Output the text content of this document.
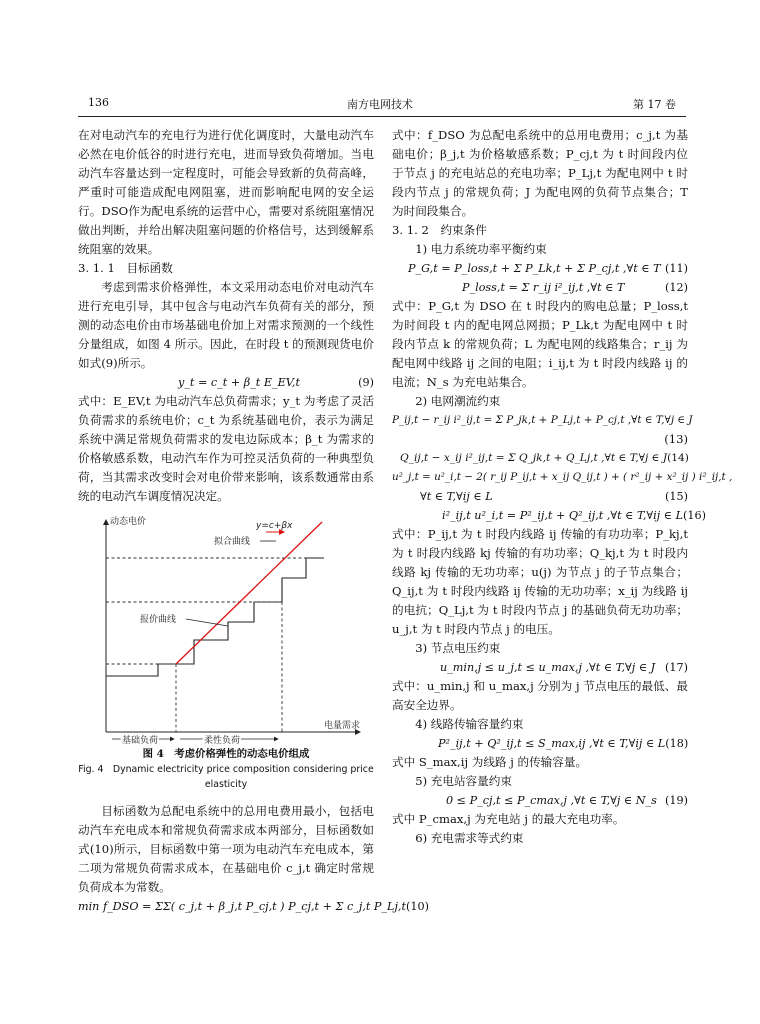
136	南方电网技术	第 17 卷

在对电动汽车的充电行为进行优化调度时，大量电动汽车必然在电价低谷的时进行充电，进而导致负荷增加。当电动汽车容量达到一定程度时，可能会导致新的负荷高峰，严重时可能造成配电网阻塞，进而影响配电网的安全运行。DSO作为配电系统的运营中心，需要对系统阻塞情况做出判断，并给出解决阻塞问题的价格信号，达到缓解系统阻塞的效果。

3. 1. 1　目标函数

考虑到需求价格弹性，本文采用动态电价对电动汽车进行充电引导，其中包含与电动汽车负荷有关的部分，预测的动态电价由市场基础电价加上对需求预测的一个线性分量组成，如图 4 所示。因此，在时段 t 的预测现货电价如式(9)所示。

y_t = c_t + β_t E_EV,t	(9)

式中：E_EV,t 为电动汽车总负荷需求；y_t 为考虑了灵活负荷需求的系统电价；c_t 为系统基础电价，表示为满足系统中满足常规负荷需求的发电边际成本；β_t 为需求的价格敏感系数，电动汽车作为可控灵活负荷的一种典型负荷，当其需求改变时会对电价带来影响，该系数通常由系统的电动汽车调度情况决定。

动态电价
电量需求
y=c+βx
拟合曲线
报价曲线
基础负荷	柔性负荷
图 4　考虑价格弹性的动态电价组成
Fig. 4　Dynamic electricity price composition considering price elasticity

目标函数为总配电系统中的总用电费用最小，包括电动汽车充电成本和常规负荷需求成本两部分，目标函数如式(10)所示，目标函数中第一项为电动汽车充电成本，第二项为常规负荷需求成本，在基础电价 c_j,t 确定时常规负荷成本为常数。

min f_DSO = ΣΣ( c_j,t + β_j,t P_cj,t ) P_cj,t + Σ c_j,t P_Lj,t (10)

式中：f_DSO 为总配电系统中的总用电费用；c_j,t 为基础电价；β_j,t 为价格敏感系数；P_cj,t 为 t 时间段内位于节点 j 的充电站总的充电功率；P_Lj,t 为配电网中 t 时段内节点 j 的常规负荷；J 为配电网的负荷节点集合；T 为时间段集合。

3. 1. 2　约束条件

1) 电力系统功率平衡约束

P_G,t = P_loss,t + Σ P_Lk,t + Σ P_cj,t ,∀t ∈ T (11)
P_loss,t = Σ r_ij i²_ij,t ,∀t ∈ T	(12)

式中：P_G,t 为 DSO 在 t 时段内的购电总量；P_loss,t 为时间段 t 内的配电网总网损；P_Lk,t 为配电网中 t 时段内节点 k 的常规负荷；L 为配电网的线路集合；r_ij 为配电网中线路 ij 之间的电阻；i_ij,t 为 t 时段内线路 ij 的电流；N_s 为充电站集合。

2) 电网潮流约束

P_ij,t − r_ij i²_ij,t = Σ P_jk,t + P_Lj,t + P_cj,t ,∀t ∈ T,∀j ∈ J
(13)
Q_ij,t − x_ij i²_ij,t = Σ Q_jk,t + Q_Lj,t ,∀t ∈ T,∀j ∈ J (14)
u²_j,t = u²_i,t − 2( r_ij P_ij,t + x_ij Q_ij,t ) + ( r²_ij + x²_ij ) i²_ij,t ,
∀t ∈ T,∀ij ∈ L	(15)
i²_ij,t u²_i,t = P²_ij,t + Q²_ij,t ,∀t ∈ T,∀ij ∈ L (16)

式中：P_ij,t 为 t 时段内线路 ij 传输的有功功率；P_kj,t 为 t 时段内线路 kj 传输的有功功率；Q_kj,t 为 t 时段内线路 kj 传输的无功功率；u(j) 为节点 j 的子节点集合；Q_ij,t 为 t 时段内线路 ij 传输的无功功率；x_ij 为线路 ij 的电抗；Q_Lj,t 为 t 时段内节点 j 的基础负荷无功功率；u_j,t 为 t 时段内节点 j 的电压。

3) 节点电压约束

u_min,j ≤ u_j,t ≤ u_max,j ,∀t ∈ T,∀j ∈ J (17)

式中：u_min,j 和 u_max,j 分别为 j 节点电压的最低、最高安全边界。

4) 线路传输容量约束

P²_ij,t + Q²_ij,t ≤ S_max,ij ,∀t ∈ T,∀ij ∈ L (18)

式中 S_max,ij 为线路 j 的传输容量。

5) 充电站容量约束

0 ≤ P_cj,t ≤ P_cmax,j ,∀t ∈ T,∀j ∈ N_s (19)

式中 P_cmax,j 为充电站 j 的最大充电功率。

6) 充电需求等式约束
